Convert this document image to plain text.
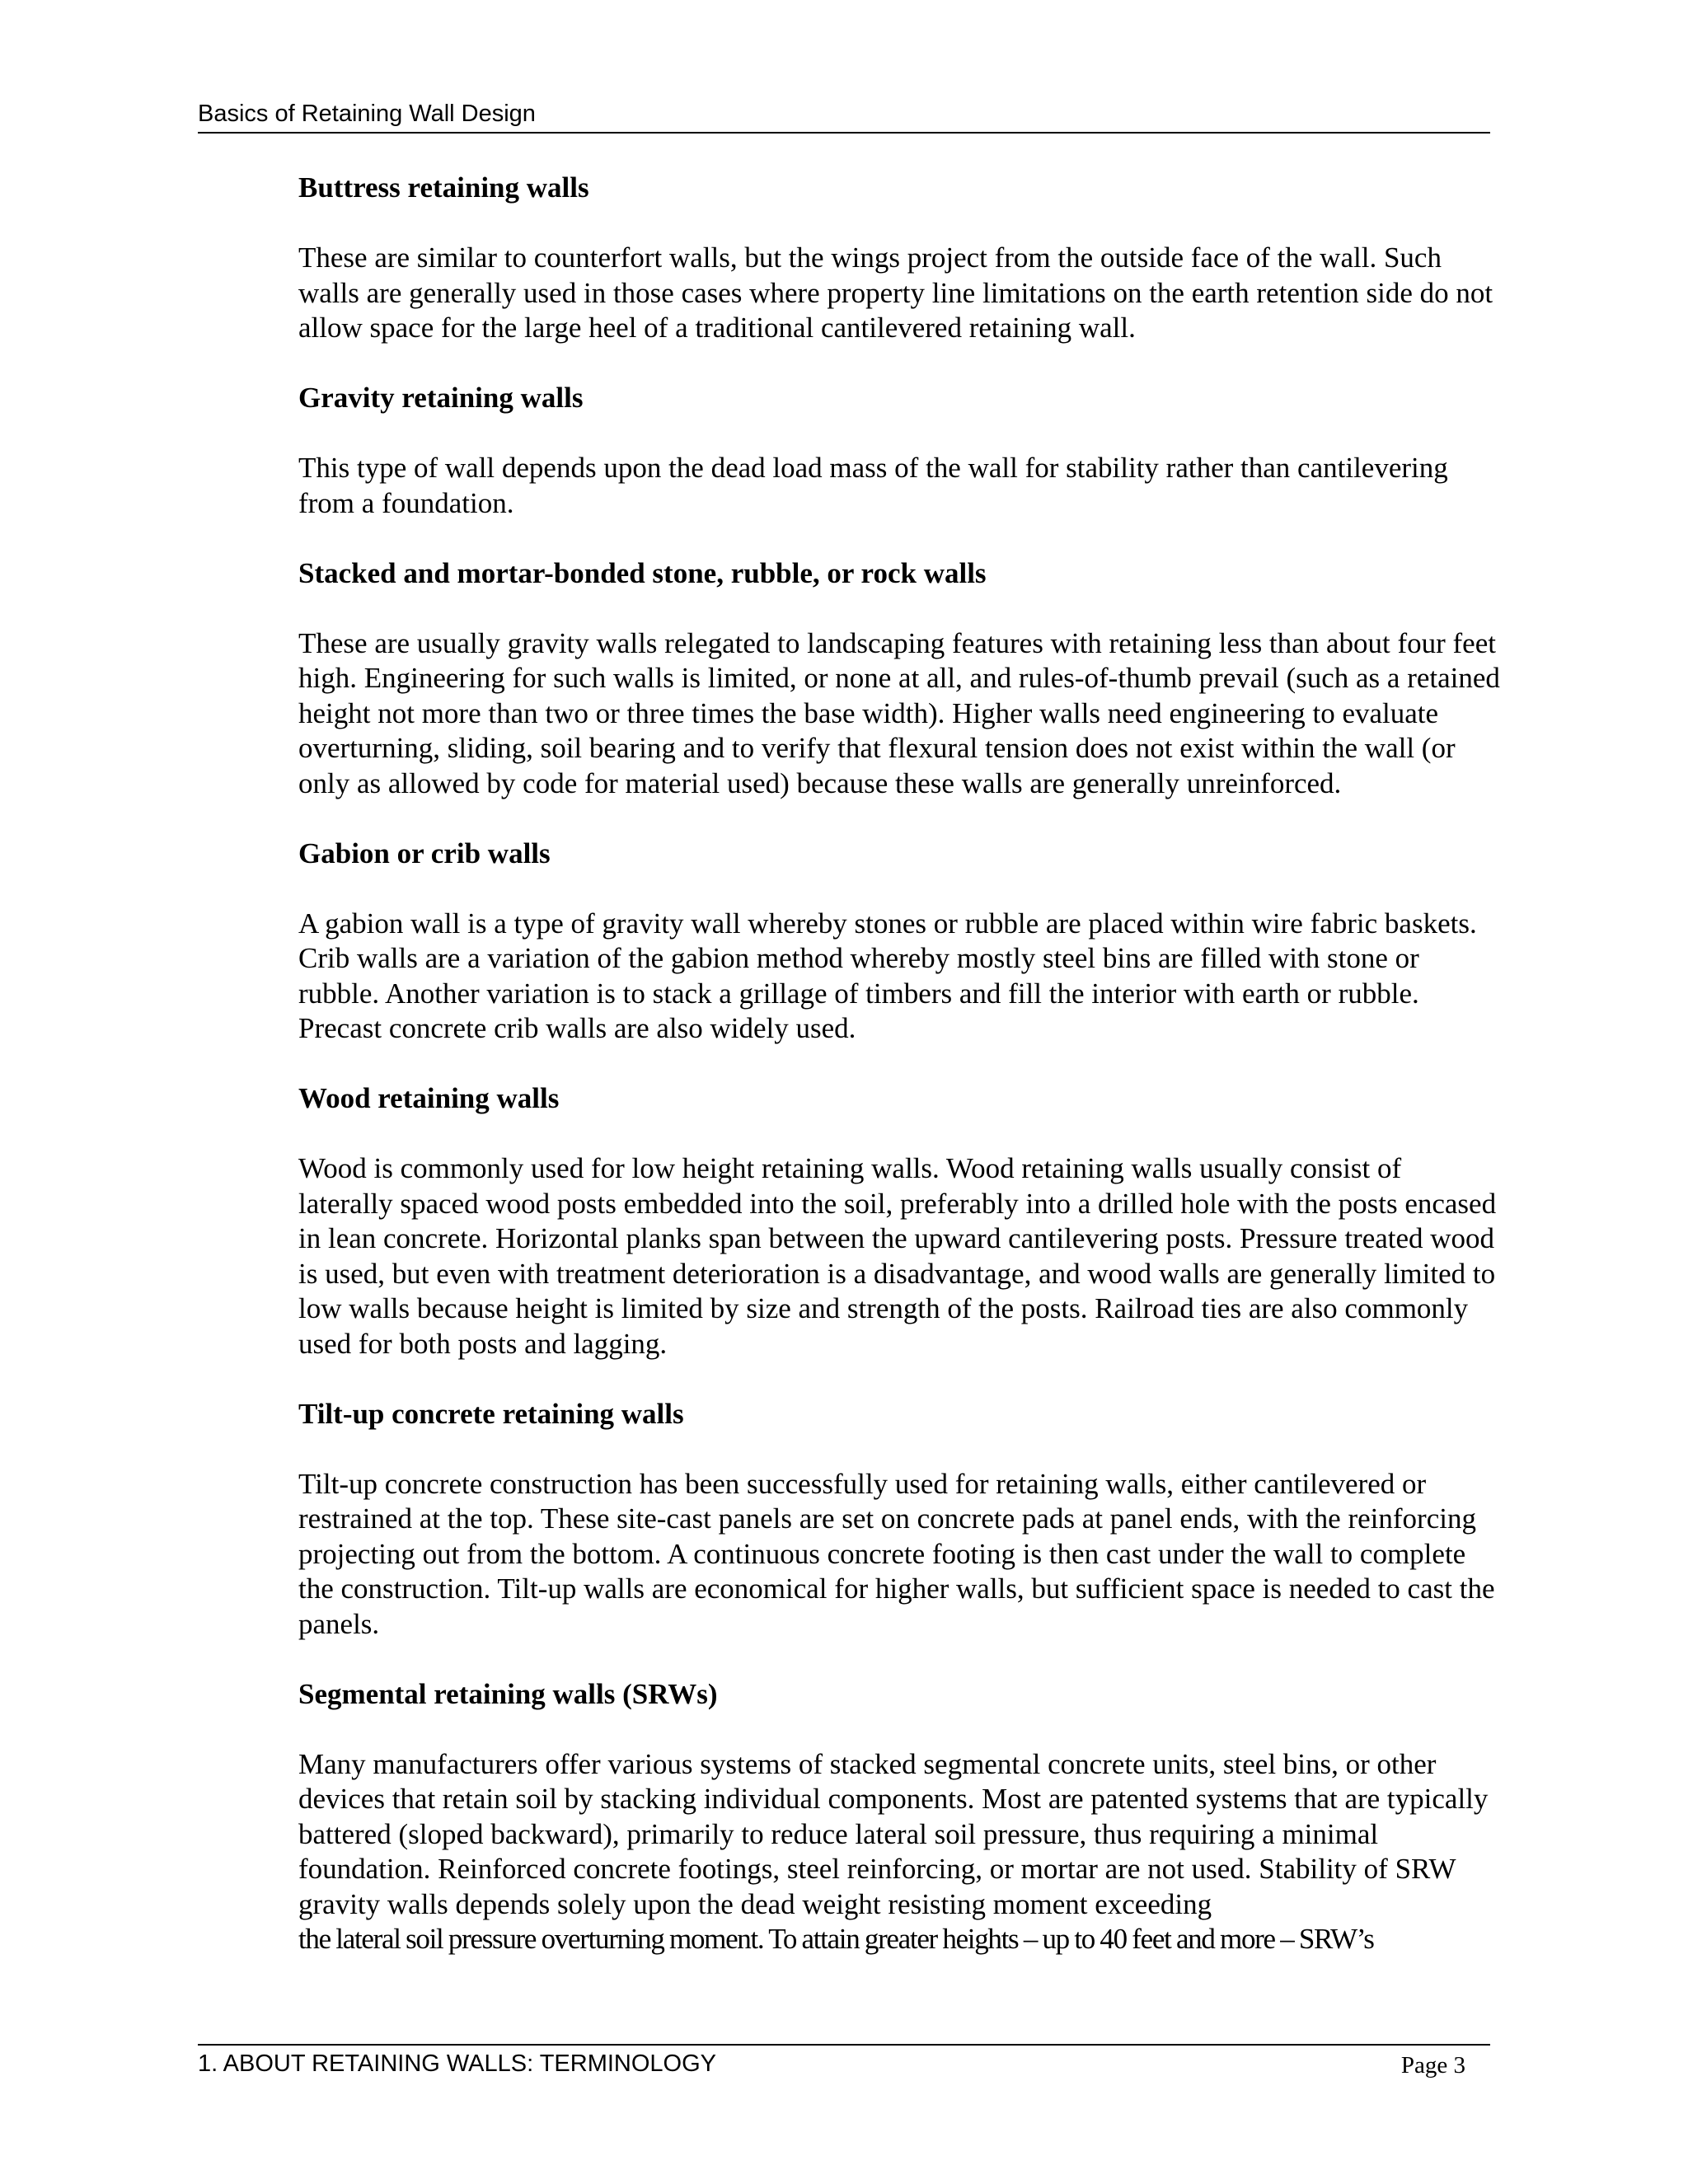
Basics of Retaining Wall Design
Buttress retaining walls

These are similar to counterfort walls, but the wings project from the outside face of the wall. Such walls are generally used in those cases where property line limitations on the earth retention side do not allow space for the large heel of a traditional cantilevered retaining wall.

Gravity retaining walls

This type of wall depends upon the dead load mass of the wall for stability rather than cantilevering from a foundation.

Stacked and mortar-bonded stone, rubble, or rock walls

These are usually gravity walls relegated to landscaping features with retaining less than about four feet high. Engineering for such walls is limited, or none at all, and rules-of-thumb prevail (such as a retained height not more than two or three times the base width). Higher walls need engineering to evaluate overturning, sliding, soil bearing and to verify that flexural tension does not exist within the wall (or only as allowed by code for material used) because these walls are generally unreinforced.

Gabion or crib walls

A gabion wall is a type of gravity wall whereby stones or rubble are placed within wire fabric baskets. Crib walls are a variation of the gabion method whereby mostly steel bins are filled with stone or rubble. Another variation is to stack a grillage of timbers and fill the interior with earth or rubble. Precast concrete crib walls are also widely used.

Wood retaining walls

Wood is commonly used for low height retaining walls. Wood retaining walls usually consist of laterally spaced wood posts embedded into the soil, preferably into a drilled hole with the posts encased in lean concrete. Horizontal planks span between the upward cantilevering posts. Pressure treated wood is used, but even with treatment deterioration is a disadvantage, and wood walls are generally limited to low walls because height is limited by size and strength of the posts. Railroad ties are also commonly used for both posts and lagging.

Tilt-up concrete retaining walls

Tilt-up concrete construction has been successfully used for retaining walls, either cantilevered or restrained at the top. These site-cast panels are set on concrete pads at panel ends, with the reinforcing projecting out from the bottom. A continuous concrete footing is then cast under the wall to complete the construction. Tilt-up walls are economical for higher walls, but sufficient space is needed to cast the panels.

Segmental retaining walls (SRWs)

Many manufacturers offer various systems of stacked segmental concrete units, steel bins, or other devices that retain soil by stacking individual components. Most are patented systems that are typically battered (sloped backward), primarily to reduce lateral soil pressure, thus requiring a minimal foundation. Reinforced concrete footings, steel reinforcing, or mortar are not used. Stability of SRW gravity walls depends solely upon the dead weight resisting moment exceeding
the lateral soil pressure overturning moment. To attain greater heights – up to 40 feet and more – SRW’s

1. ABOUT RETAINING WALLS: TERMINOLOGY	Page 3
